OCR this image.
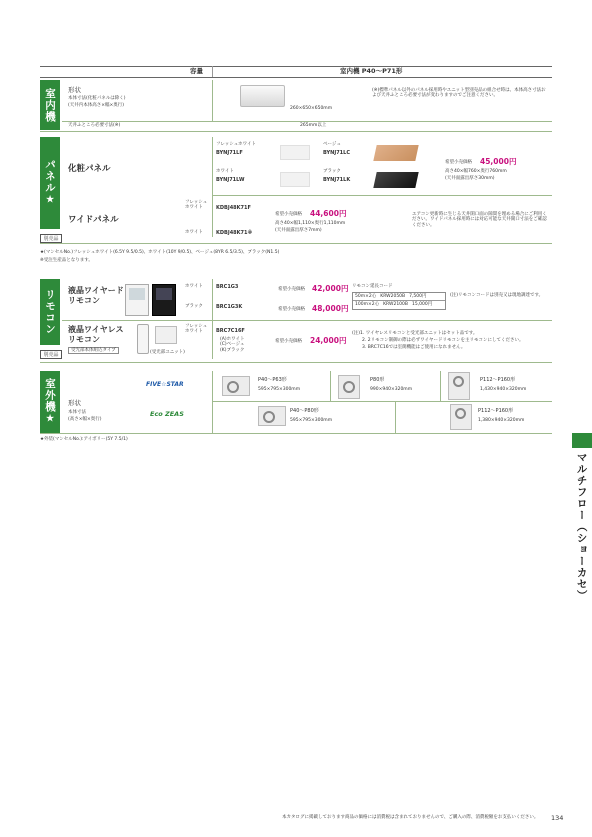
容量	室内機 P40～P71形
室内機 形状
本体寸法(化粧パネルは除く)
(天井内本体高さ×幅×奥行)
260×650×650mm
(※)標準パネル以外のパネル採用時やユニット型別売品の組合せ時は、本体高さ寸法および天井ふところ必要寸法が変わりますのでご注意ください。
天井ふところ必要寸法(※)	265mm以上
パネル★
別売品
化粧パネル
フレッシュホワイト
BYNJ71LF
ベージュ
BYNJ71LC
ホワイト
BYNJ71LW
ブラック
BYNJ71LK
希望小売価格 45,000円
高さ40×幅760×奥行760mm
(天井面露出厚さ30mm)
ワイドパネル
フレッシュホワイト	KDBJ48K71F
ホワイト	KDBJ48K71※
希望小売価格 44,600円
高さ40×幅1,110×奥行1,110mm
(天井面露出厚さ7mm)
エアコン更新時に生じる天井開口面の隙間を埋める場合にご利用ください。ワイドパネル採用時には対応可能な天井開口寸法をご確認ください。
★(マンセルNo.)フレッシュホワイト(6.5Y 9.5/0.5)、ホワイト(10Y 9/0.5)、ベージュ(8YR 6.5/3.5)、ブラック(N1.5)
※受注生産品となります。
リモコン
別売品
液晶ワイヤード
リモコン
ホワイト	BRC1G3	希望小売価格 42,000円
ブラック	BRC1G3K	希望小売価格 48,000円
リモコン延長コード
50m×2心 KRW2050B 7,500円
100m×2心 KRW2100B 15,000円
(注)リモコンコードは別売又は現地調達です。
液晶ワイヤレス
リモコン
受光部本体組込タイプ	(受光部ユニット)
フレッシュホワイト	BRC7C16F
(A)ホワイト　(C)ベージュ　(K)ブラック
希望小売価格 24,000円
(注)1. ワイヤレスリモコンと受光部ユニットはセット品です。
2. 2リモコン制御の際は必ずワイヤードリモコンを主リモコンにしてください。
3. BRC7C16では室簡機能はご使用になれません。
室外機★ 形状
本体寸法
(高さ×幅×奥行)
FIVE☆STAR
Eco ZEAS
P40～P63形
595×795×300mm
P80形
990×940×320mm
P112～P160形
1,430×940×320mm
P40～P80形
595×795×300mm
P112～P160形
1,380×940×320mm
★外装(マンセルNo.):アイボリー(5Y 7.5/1)
マルチフロー（ショーカセ）
本カタログに掲載しております商品の価格には消費税は含まれておりませんので、ご購入の際、消費税額をお支払いください。 134
